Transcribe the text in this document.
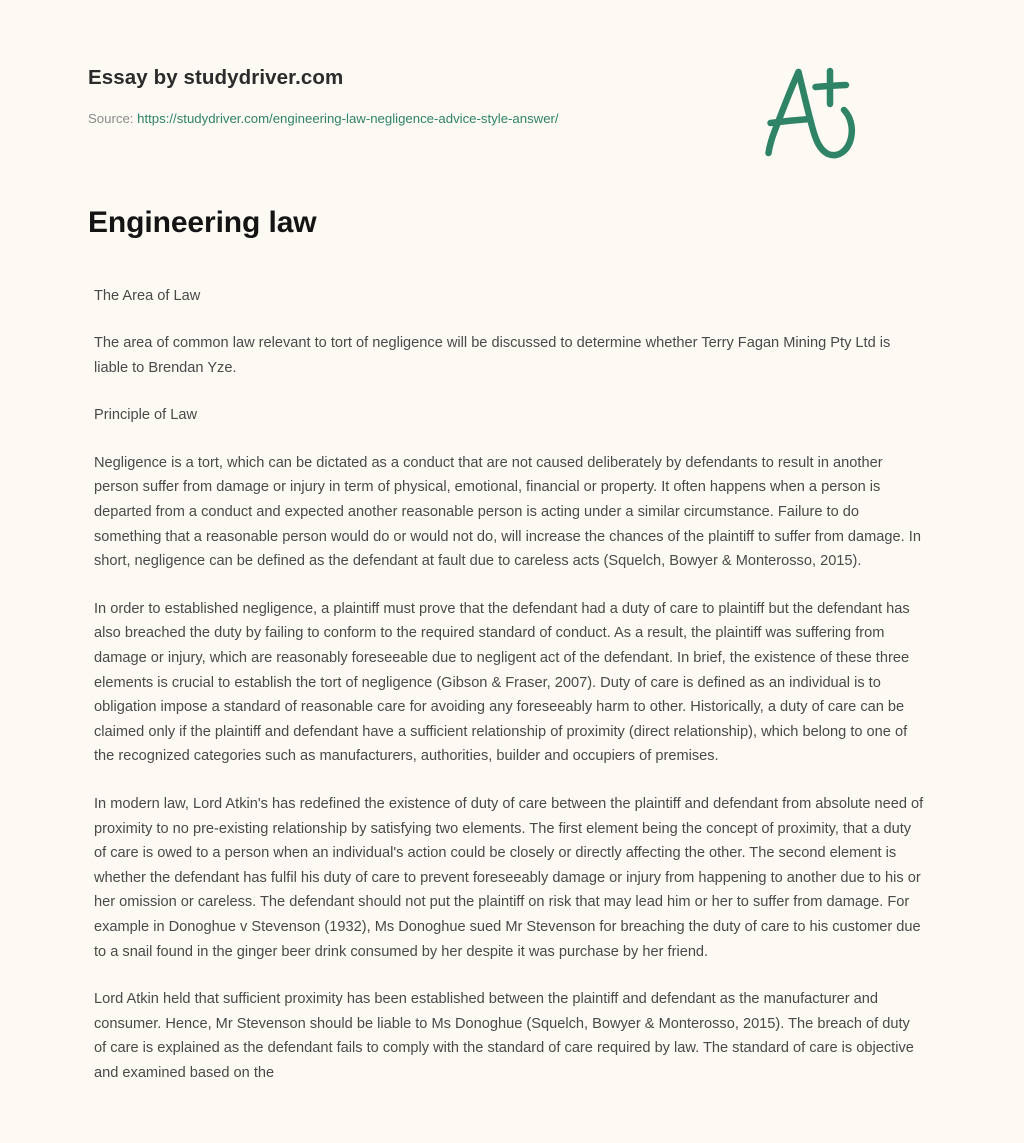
Essay by studydriver.com
Source: https://studydriver.com/engineering-law-negligence-advice-style-answer/
Engineering law

The Area of Law

The area of common law relevant to tort of negligence will be discussed to determine whether Terry Fagan Mining Pty Ltd is liable to Brendan Yze.

Principle of Law

Negligence is a tort, which can be dictated as a conduct that are not caused deliberately by defendants to result in another person suffer from damage or injury in term of physical, emotional, financial or property. It often happens when a person is departed from a conduct and expected another reasonable person is acting under a similar circumstance. Failure to do something that a reasonable person would do or would not do, will increase the chances of the plaintiff to suffer from damage. In short, negligence can be defined as the defendant at fault due to careless acts (Squelch, Bowyer & Monterosso, 2015).

In order to established negligence, a plaintiff must prove that the defendant had a duty of care to plaintiff but the defendant has also breached the duty by failing to conform to the required standard of conduct. As a result, the plaintiff was suffering from damage or injury, which are reasonably foreseeable due to negligent act of the defendant. In brief, the existence of these three elements is crucial to establish the tort of negligence (Gibson & Fraser, 2007). Duty of care is defined as an individual is to obligation impose a standard of reasonable care for avoiding any foreseeably harm to other. Historically, a duty of care can be claimed only if the plaintiff and defendant have a sufficient relationship of proximity (direct relationship), which belong to one of the recognized categories such as manufacturers, authorities, builder and occupiers of premises.

In modern law, Lord Atkin's has redefined the existence of duty of care between the plaintiff and defendant from absolute need of proximity to no pre-existing relationship by satisfying two elements. The first element being the concept of proximity, that a duty of care is owed to a person when an individual's action could be closely or directly affecting the other. The second element is whether the defendant has fulfil his duty of care to prevent foreseeably damage or injury from happening to another due to his or her omission or careless. The defendant should not put the plaintiff on risk that may lead him or her to suffer from damage. For example in Donoghue v Stevenson (1932), Ms Donoghue sued Mr Stevenson for breaching the duty of care to his customer due to a snail found in the ginger beer drink consumed by her despite it was purchase by her friend.

Lord Atkin held that sufficient proximity has been established between the plaintiff and defendant as the manufacturer and consumer. Hence, Mr Stevenson should be liable to Ms Donoghue (Squelch, Bowyer & Monterosso, 2015). The breach of duty of care is explained as the defendant fails to comply with the standard of care required by law. The standard of care is objective and examined based on the
